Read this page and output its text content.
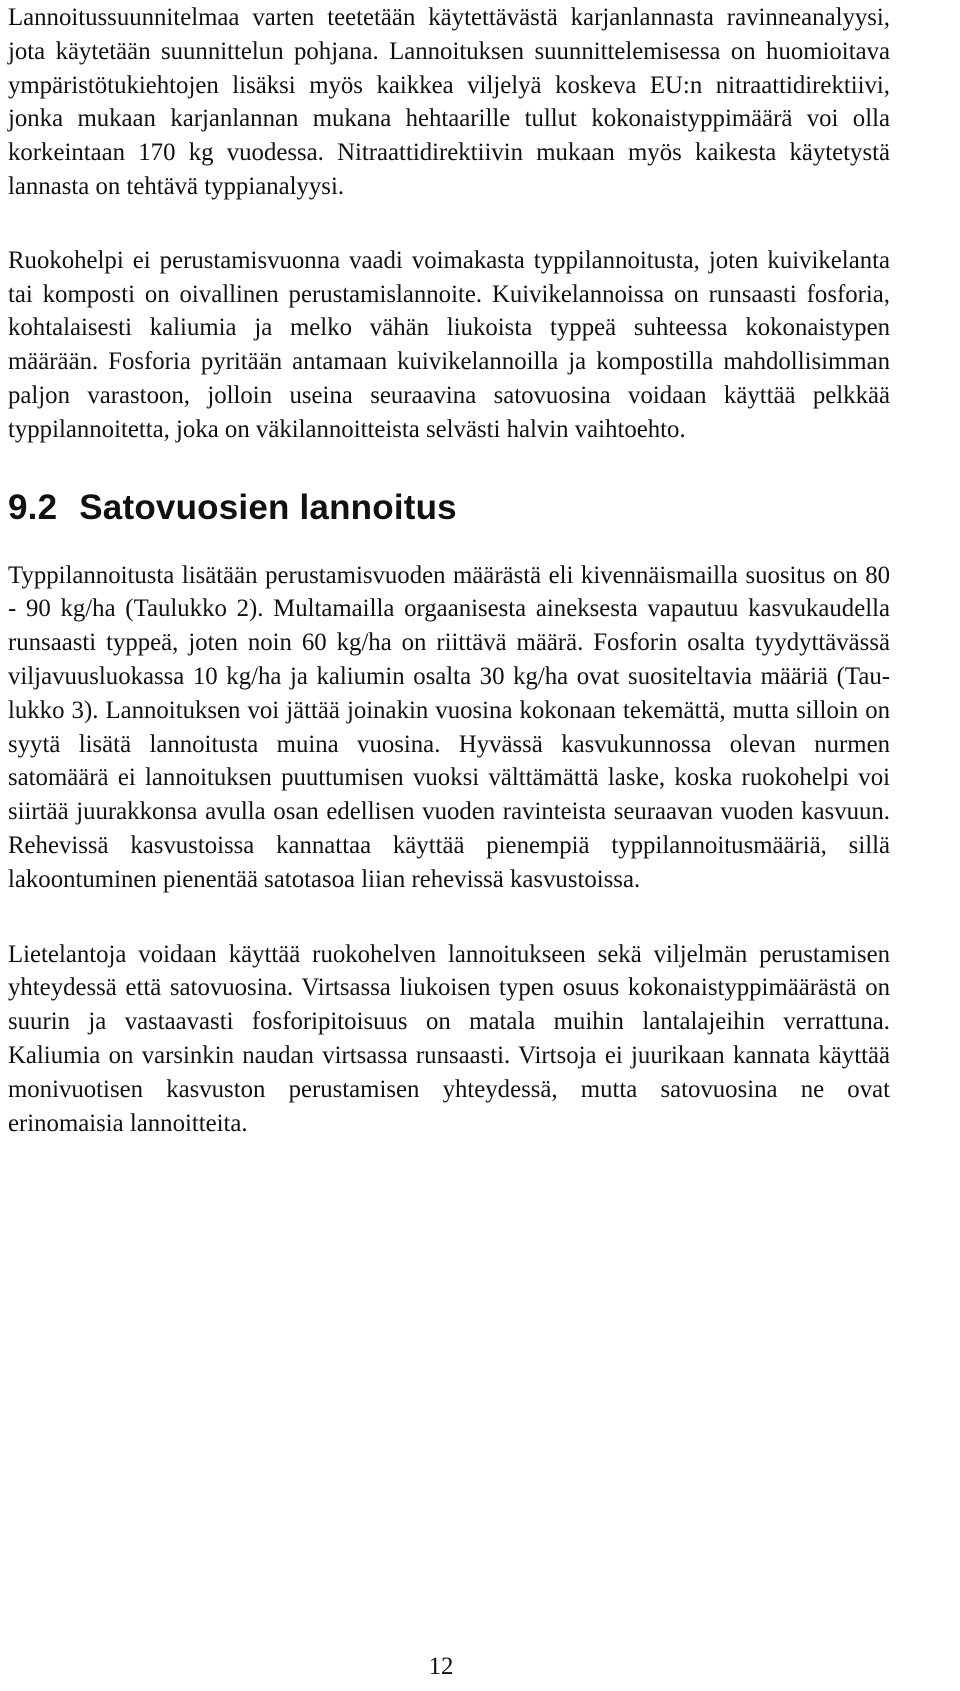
Lannoitussuunnitelmaa varten teetetään käytettävästä karjanlannasta ravinneanalyysi, jota käytetään suunnittelun pohjana. Lannoituksen suunnittelemisessa on huomioitava ympäristötukiehtojen lisäksi myös kaikkea viljelyä koskeva EU:n nitraattidirektiivi, jonka mukaan karjanlannan mukana hehtaarille tullut kokonaistyppimäärä voi olla korkeintaan 170 kg vuodessa. Nitraattidirektiivin mukaan myös kaikesta käytetystä lannasta on tehtävä typpianalyysi.

Ruokohelpi ei perustamisvuonna vaadi voimakasta typpilannoitusta, joten kuivikelanta tai komposti on oivallinen perustamislannoite. Kuivikelannoissa on runsaasti fosforia, kohtalaisesti kaliumia ja melko vähän liukoista typpeä suhteessa kokonaistypen määrään. Fosforia pyritään antamaan kuivikelannoilla ja kompostilla mahdollisimman paljon varastoon, jolloin useina seuraavina satovuosina voidaan käyttää pelkkää typpilannoitetta, joka on väkilannoitteista selvästi halvin vaihtoehto.

9.2 Satovuosien lannoitus

Typpilannoitusta lisätään perustamisvuoden määrästä eli kivennäismailla suositus on 80 - 90 kg/ha (Taulukko 2). Multamailla orgaanisesta aineksesta vapautuu kasvukaudella runsaasti typpeä, joten noin 60 kg/ha on riittävä määrä. Fosforin osalta tyydyttävässä viljavuusluokassa 10 kg/ha ja kaliumin osalta 30 kg/ha ovat suositeltavia määriä (Taulukko 3). Lannoituksen voi jättää joinakin vuosina kokonaan tekemättä, mutta silloin on syytä lisätä lannoitusta muina vuosina. Hyvässä kasvukunnossa olevan nurmen satomäärä ei lannoituksen puuttumisen vuoksi välttämättä laske, koska ruokohelpi voi siirtää juurakkonsa avulla osan edellisen vuoden ravinteista seuraavan vuoden kasvuun. Rehevissä kasvustoissa kannattaa käyttää pienempiä typpilannoitusmääriä, sillä lakoontuminen pienentää satotasoa liian rehevissä kasvustoissa.

Lietelantoja voidaan käyttää ruokohelven lannoitukseen sekä viljelmän perustamisen yhteydessä että satovuosina. Virtsassa liukoisen typen osuus kokonaistyppimäärästä on suurin ja vastaavasti fosforipitoisuus on matala muihin lantalajeihin verrattuna. Kaliumia on varsinkin naudan virtsassa runsaasti. Virtsoja ei juurikaan kannata käyttää monivuotisen kasvuston perustamisen yhteydessä, mutta satovuosina ne ovat erinomaisia lannoitteita.

12
